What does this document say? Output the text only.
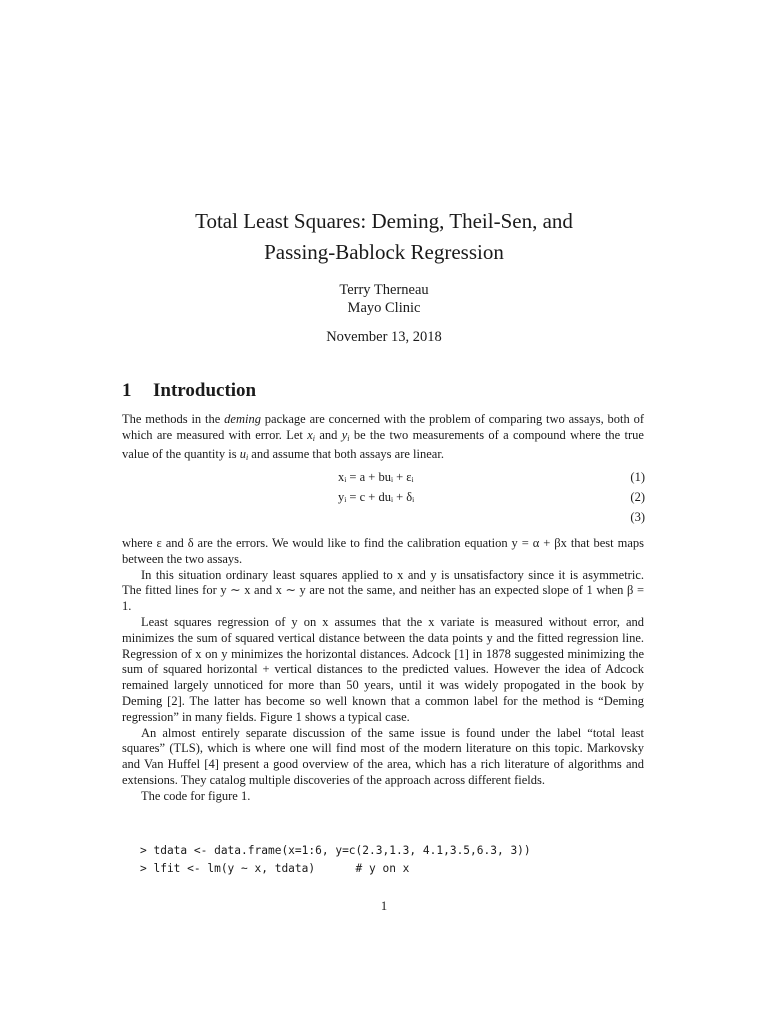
Total Least Squares: Deming, Theil-Sen, and
Passing-Bablock Regression
Terry Therneau
Mayo Clinic
November 13, 2018
1 Introduction

The methods in the deming package are concerned with the problem of comparing two assays, both of which are measured with error. Let $x_i$ and $y_i$ be the two measurements of a compound where the true value of the quantity is $u_i$ and assume that both assays are linear.

xᵢ = a + buᵢ + εᵢ	(1)
yᵢ = c + duᵢ + δᵢ	(2)
(3)

where ε and δ are the errors. We would like to find the calibration equation y = α + βx that best maps between the two assays.

In this situation ordinary least squares applied to x and y is unsatisfactory since it is asymmetric. The fitted lines for y ∼ x and x ∼ y are not the same, and neither has an expected slope of 1 when β = 1.

Least squares regression of y on x assumes that the x variate is measured without error, and minimizes the sum of squared vertical distance between the data points y and the fitted regression line. Regression of x on y minimizes the horizontal distances. Adcock [1] in 1878 suggested minimizing the sum of squared horizontal + vertical distances to the predicted values. However the idea of Adcock remained largely unnoticed for more than 50 years, until it was widely propogated in the book by Deming [2]. The latter has become so well known that a common label for the method is “Deming regression” in many fields. Figure 1 shows a typical case.

An almost entirely separate discussion of the same issue is found under the label “total least squares” (TLS), which is where one will find most of the modern literature on this topic. Markovsky and Van Huffel [4] present a good overview of the area, which has a rich literature of algorithms and extensions. They catalog multiple discoveries of the approach across different fields.

The code for figure 1.

> tdata <- data.frame(x=1:6, y=c(2.3,1.3, 4.1,3.5,6.3, 3))
> lfit <- lm(y ~ x, tdata)      # y on x
1
